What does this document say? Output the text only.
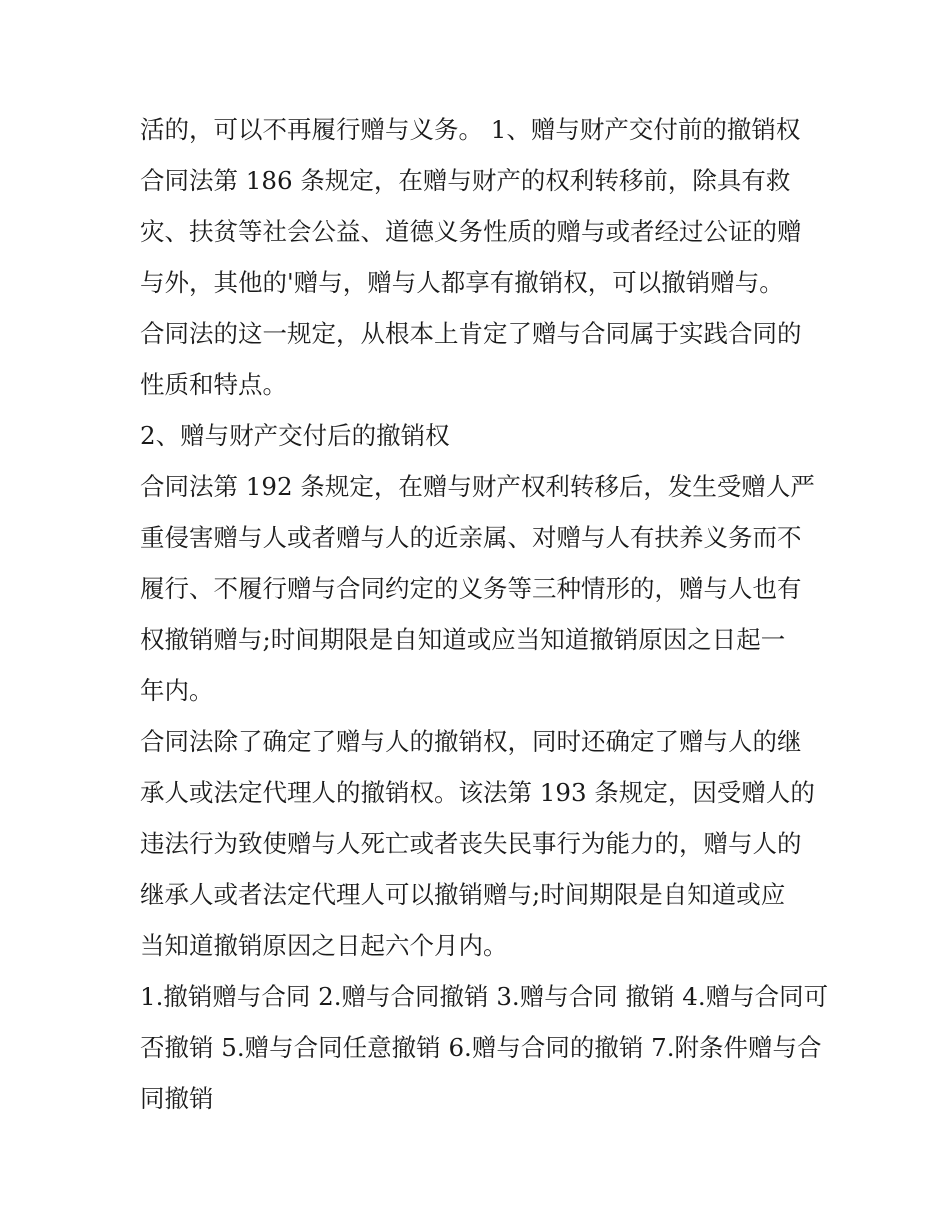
活的，可以不再履行赠与义务。 1、赠与财产交付前的撤销权
合同法第 186 条规定，在赠与财产的权利转移前，除具有救
灾、扶贫等社会公益、道德义务性质的赠与或者经过公证的赠
与外，其他的'赠与，赠与人都享有撤销权，可以撤销赠与。
合同法的这一规定，从根本上肯定了赠与合同属于实践合同的
性质和特点。
2、赠与财产交付后的撤销权
合同法第 192 条规定，在赠与财产权利转移后，发生受赠人严
重侵害赠与人或者赠与人的近亲属、对赠与人有扶养义务而不
履行、不履行赠与合同约定的义务等三种情形的，赠与人也有
权撤销赠与;时间期限是自知道或应当知道撤销原因之日起一
年内。
合同法除了确定了赠与人的撤销权，同时还确定了赠与人的继
承人或法定代理人的撤销权。该法第 193 条规定，因受赠人的
违法行为致使赠与人死亡或者丧失民事行为能力的，赠与人的
继承人或者法定代理人可以撤销赠与;时间期限是自知道或应
当知道撤销原因之日起六个月内。
1.撤销赠与合同 2.赠与合同撤销 3.赠与合同 撤销 4.赠与合同可
否撤销 5.赠与合同任意撤销 6.赠与合同的撤销 7.附条件赠与合
同撤销
